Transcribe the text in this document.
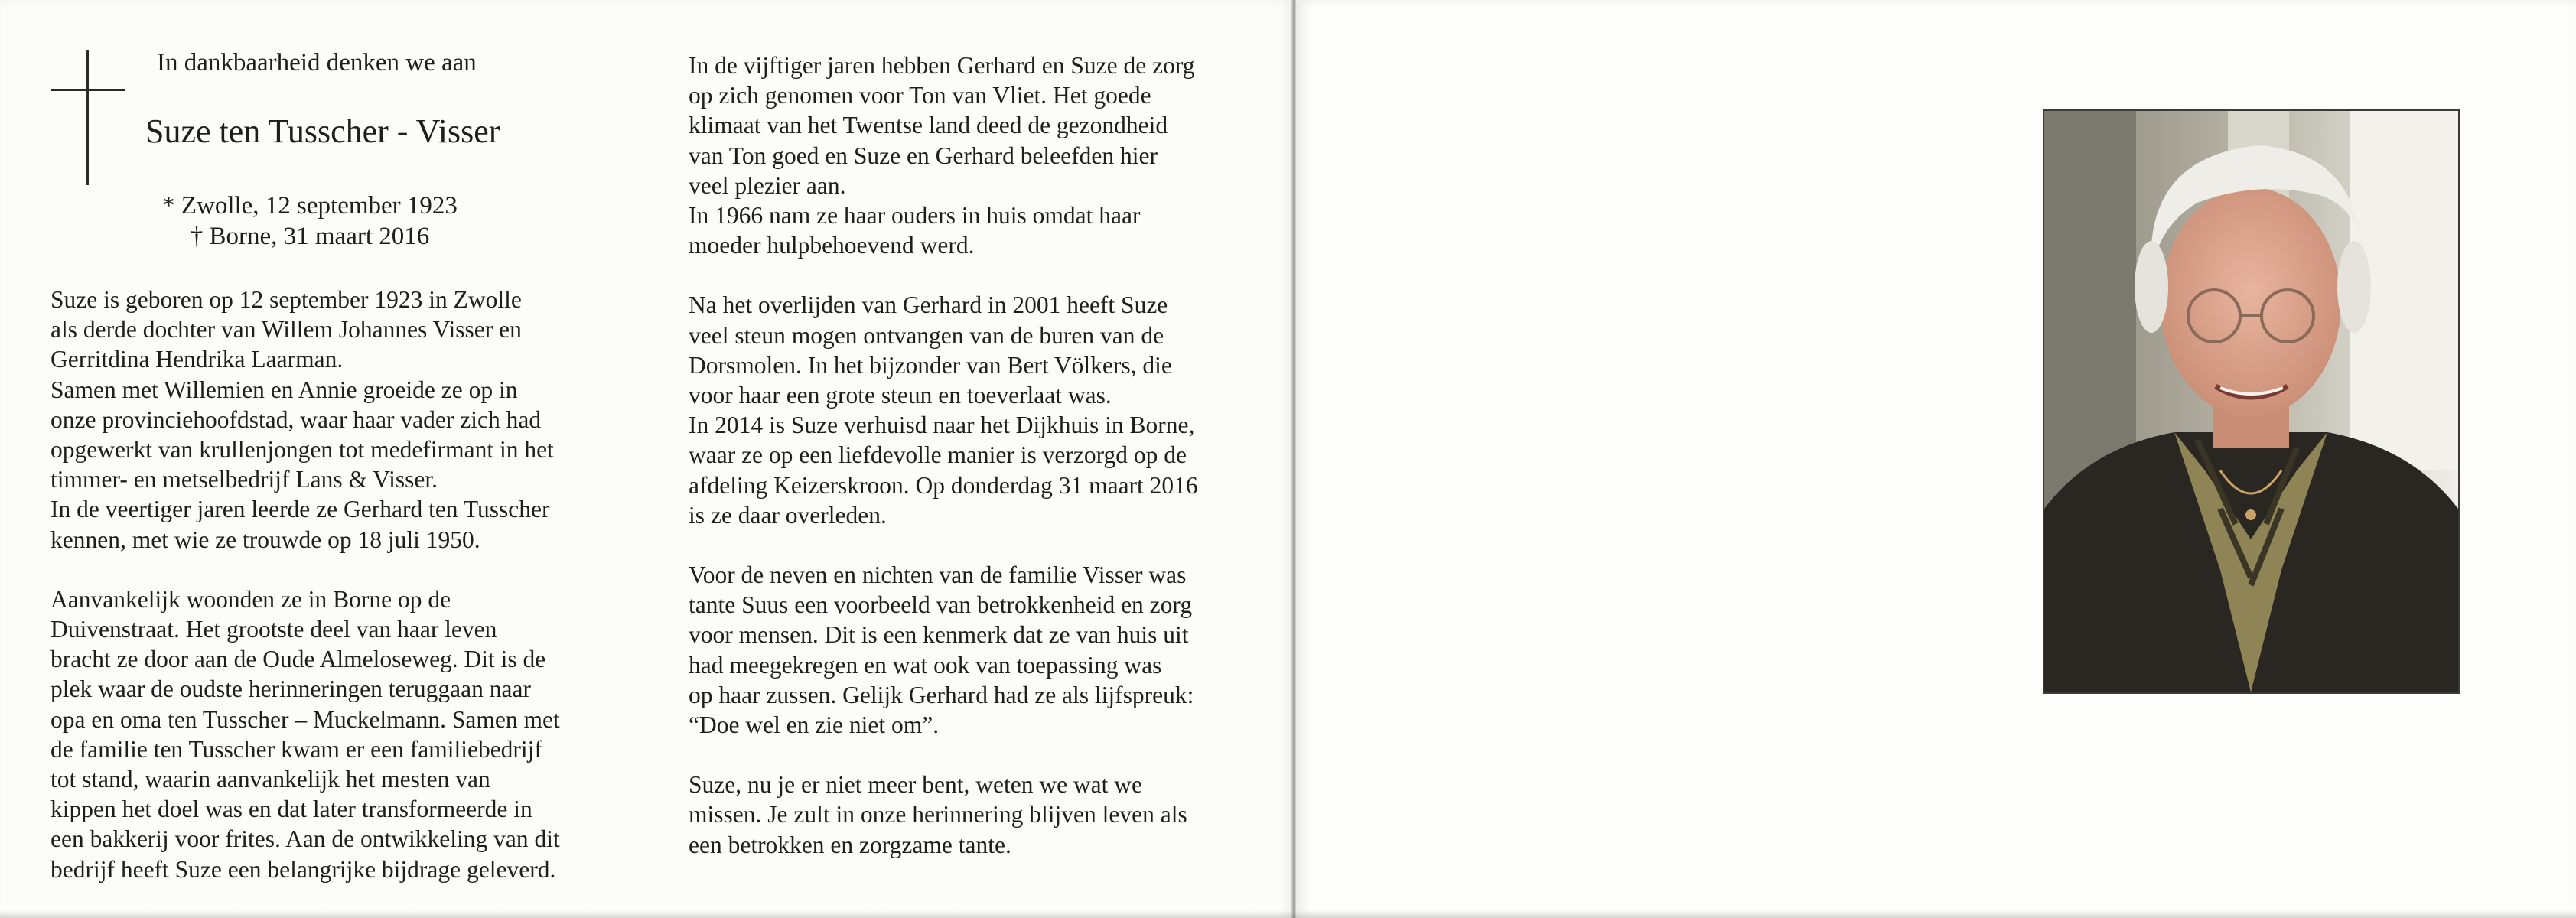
In dankbaarheid denken we aan
Suze ten Tusscher - Visser
* Zwolle, 12 september 1923
† Borne, 31 maart 2016

Suze is geboren op 12 september 1923 in Zwolle
als derde dochter van Willem Johannes Visser en
Gerritdina Hendrika Laarman.
Samen met Willemien en Annie groeide ze op in
onze provinciehoofdstad, waar haar vader zich had
opgewerkt van krullenjongen tot medefirmant in het
timmer- en metselbedrijf Lans & Visser.
In de veertiger jaren leerde ze Gerhard ten Tusscher
kennen, met wie ze trouwde op 18 juli 1950.

Aanvankelijk woonden ze in Borne op de
Duivenstraat. Het grootste deel van haar leven
bracht ze door aan de Oude Almeloseweg. Dit is de
plek waar de oudste herinneringen teruggaan naar
opa en oma ten Tusscher – Muckelmann. Samen met
de familie ten Tusscher kwam er een familiebedrijf
tot stand, waarin aanvankelijk het mesten van
kippen het doel was en dat later transformeerde in
een bakkerij voor frites. Aan de ontwikkeling van dit
bedrijf heeft Suze een belangrijke bijdrage geleverd.

In de vijftiger jaren hebben Gerhard en Suze de zorg
op zich genomen voor Ton van Vliet. Het goede
klimaat van het Twentse land deed de gezondheid
van Ton goed en Suze en Gerhard beleefden hier
veel plezier aan.
In 1966 nam ze haar ouders in huis omdat haar
moeder hulpbehoevend werd.

Na het overlijden van Gerhard in 2001 heeft Suze
veel steun mogen ontvangen van de buren van de
Dorsmolen. In het bijzonder van Bert Völkers, die
voor haar een grote steun en toeverlaat was.
In 2014 is Suze verhuisd naar het Dijkhuis in Borne,
waar ze op een liefdevolle manier is verzorgd op de
afdeling Keizerskroon. Op donderdag 31 maart 2016
is ze daar overleden.

Voor de neven en nichten van de familie Visser was
tante Suus een voorbeeld van betrokkenheid en zorg
voor mensen. Dit is een kenmerk dat ze van huis uit
had meegekregen en wat ook van toepassing was
op haar zussen. Gelijk Gerhard had ze als lijfspreuk:
“Doe wel en zie niet om”.

Suze, nu je er niet meer bent, weten we wat we
missen. Je zult in onze herinnering blijven leven als
een betrokken en zorgzame tante.
